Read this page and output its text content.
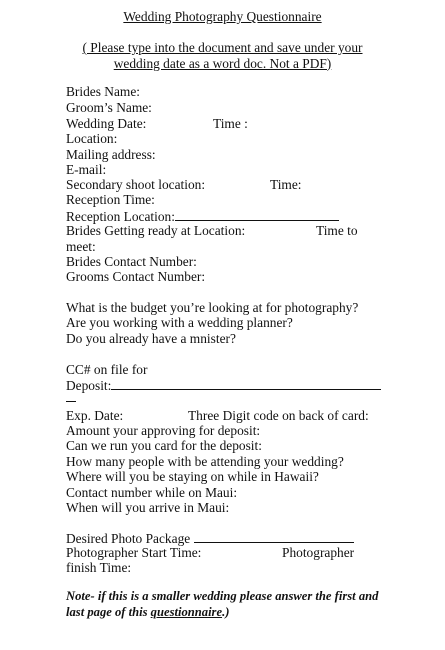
Wedding Photography Questionnaire
( Please type into the document and save under your wedding date as a word doc. Not a PDF)
Brides Name:
Groom’s Name:
Wedding Date:	Time :
Location:
Mailing address:
E-mail:
Secondary shoot location:	Time:
Reception Time:
Reception Location:
Brides Getting ready at Location:	Time to
meet:
Brides Contact Number:
Grooms Contact Number:
What is the budget you’re looking at for photography?
Are you working with a wedding planner?
Do you already have a mnister?
CC# on file for
Deposit:
Exp. Date:	Three Digit code on back of card:
Amount your approving for deposit:
Can we run you card for the deposit:
How many people with be attending your wedding?
Where will you be staying on while in Hawaii?
Contact number while on Maui:
When will you arrive in Maui:
Desired Photo Package
Photographer Start Time:	Photographer
finish Time:
Note- if this is a smaller wedding please answer the first and last page of this questionnaire.)
